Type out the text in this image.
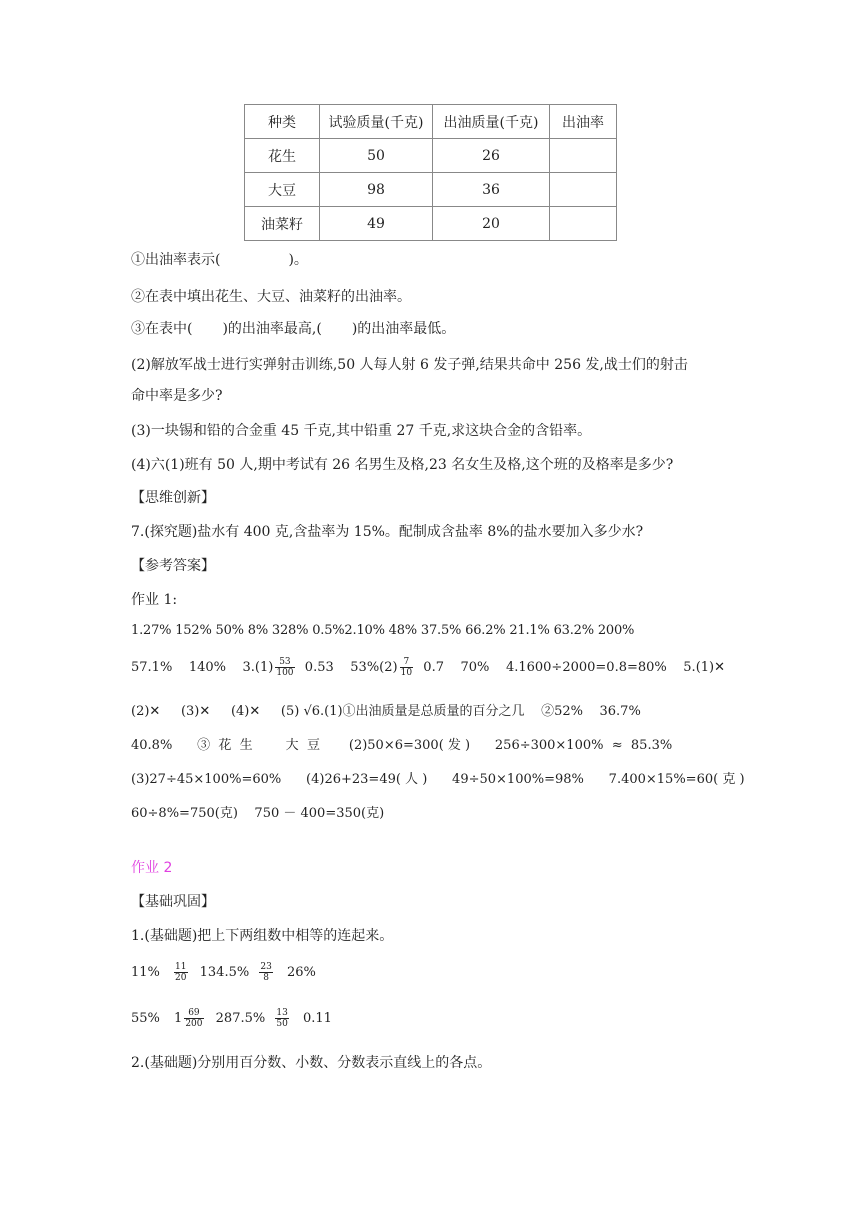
种类	试验质量(千克)	出油质量(千克)	出油率
花生	50	26	
大豆	98	36	
油菜籽	49	20	
①出油率表示(	)。
②在表中填出花生、大豆、油菜籽的出油率。
③在表中( )的出油率最高,( )的出油率最低。
(2)解放军战士进行实弹射击训练,50 人每人射 6 发子弹,结果共命中 256 发,战士们的射击
命中率是多少?
(3)一块锡和铅的合金重 45 千克,其中铅重 27 千克,求这块合金的含铅率。
(4)六(1)班有 50 人,期中考试有 26 名男生及格,23 名女生及格,这个班的及格率是多少?
【思维创新】
7.(探究题)盐水有 400 克,含盐率为 15%。配制成含盐率 8%的盐水要加入多少水?
【参考答案】
作业 1:
1.27% 152% 50% 8% 328% 0.5%2.10% 48% 37.5% 66.2% 21.1% 63.2% 200%
57.1%    140%    $3.(1) \frac{53}{100} 0.53$    $53\%(2) \frac{7}{10} 0.7$    70%    4.1600÷2000=0.8=80%    5.(1)✕
(2)✕     (3)✕     (4)✕     (5) √6.(1)①出油质量是总质量的百分之几    ②52%    36.7%
40.8%      ③  花  生        大  豆       (2)50×6=300( 发 )      256÷300×100%  ≈  85.3%
(3)27÷45×100%=60%      (4)26+23=49( 人 )      49÷50×100%=98%      7.400×15%=60( 克 )
60÷8%=750(克)    750 － 400=350(克)
作业 2
【基础巩固】
1.(基础题)把上下两组数中相等的连起来。
$11\% \frac{11}{20} 134.5\% \frac{23}{8} 26\%$
55% $1 \frac{69}{200} 287.5\% \frac{13}{50} 0.11$
2.(基础题)分别用百分数、小数、分数表示直线上的各点。
